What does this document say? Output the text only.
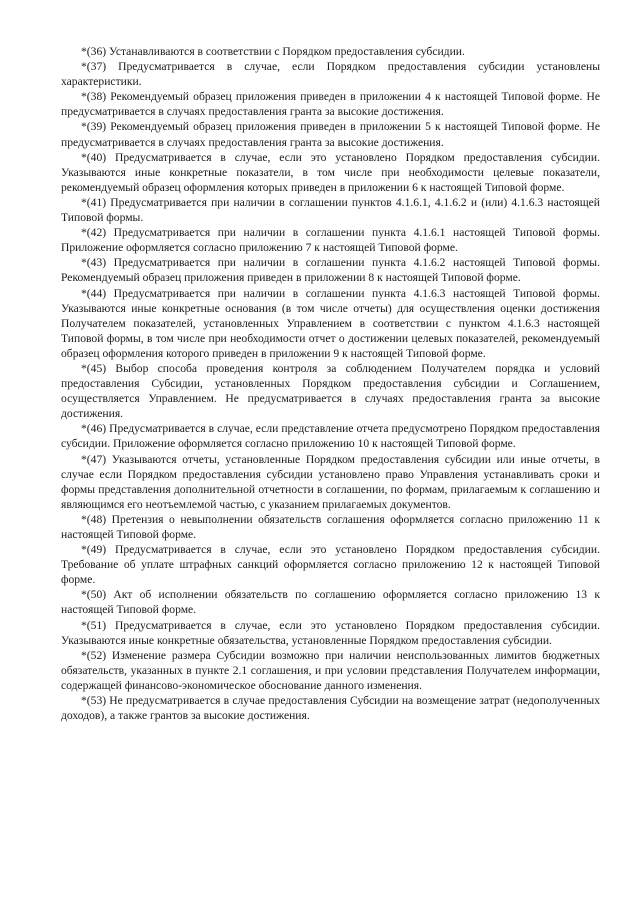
*(36) Устанавливаются в соответствии с Порядком предоставления субсидии.

*(37) Предусматривается в случае, если Порядком предоставления субсидии установлены характеристики.

*(38) Рекомендуемый образец приложения приведен в приложении 4 к настоящей Типовой форме. Не предусматривается в случаях предоставления гранта за высокие достижения.

*(39) Рекомендуемый образец приложения приведен в приложении 5 к настоящей Типовой форме. Не предусматривается в случаях предоставления гранта за высокие достижения.

*(40) Предусматривается в случае, если это установлено Порядком предоставления субсидии. Указываются иные конкретные показатели, в том числе при необходимости целевые показатели, рекомендуемый образец оформления которых приведен в приложении 6 к настоящей Типовой форме.

*(41) Предусматривается при наличии в соглашении пунктов 4.1.6.1, 4.1.6.2 и (или) 4.1.6.3 настоящей Типовой формы.

*(42) Предусматривается при наличии в соглашении пункта 4.1.6.1 настоящей Типовой формы. Приложение оформляется согласно приложению 7 к настоящей Типовой форме.

*(43) Предусматривается при наличии в соглашении пункта 4.1.6.2 настоящей Типовой формы. Рекомендуемый образец приложения приведен в приложении 8 к настоящей Типовой форме.

*(44) Предусматривается при наличии в соглашении пункта 4.1.6.3 настоящей Типовой формы. Указываются иные конкретные основания (в том числе отчеты) для осуществления оценки достижения Получателем показателей, установленных Управлением в соответствии с пунктом 4.1.6.3 настоящей Типовой формы, в том числе при необходимости отчет о достижении целевых показателей, рекомендуемый образец оформления которого приведен в приложении 9 к настоящей Типовой форме.

*(45) Выбор способа проведения контроля за соблюдением Получателем порядка и условий предоставления Субсидии, установленных Порядком предоставления субсидии и Соглашением, осуществляется Управлением. Не предусматривается в случаях предоставления гранта за высокие достижения.

*(46) Предусматривается в случае, если представление отчета предусмотрено Порядком предоставления субсидии. Приложение оформляется согласно приложению 10 к настоящей Типовой форме.

*(47) Указываются отчеты, установленные Порядком предоставления субсидии или иные отчеты, в случае если Порядком предоставления субсидии установлено право Управления устанавливать сроки и формы представления дополнительной отчетности в соглашении, по формам, прилагаемым к соглашению и являющимся его неотъемлемой частью, с указанием прилагаемых документов.

*(48) Претензия о невыполнении обязательств соглашения оформляется согласно приложению 11 к настоящей Типовой форме.

*(49) Предусматривается в случае, если это установлено Порядком предоставления субсидии. Требование об уплате штрафных санкций оформляется согласно приложению 12 к настоящей Типовой форме.

*(50) Акт об исполнении обязательств по соглашению оформляется согласно приложению 13 к настоящей Типовой форме.

*(51) Предусматривается в случае, если это установлено Порядком предоставления субсидии. Указываются иные конкретные обязательства, установленные Порядком предоставления субсидии.

*(52) Изменение размера Субсидии возможно при наличии неиспользованных лимитов бюджетных обязательств, указанных в пункте 2.1 соглашения, и при условии представления Получателем информации, содержащей финансово-экономическое обоснование данного изменения.

*(53) Не предусматривается в случае предоставления Субсидии на возмещение затрат (недополученных доходов), а также грантов за высокие достижения.
